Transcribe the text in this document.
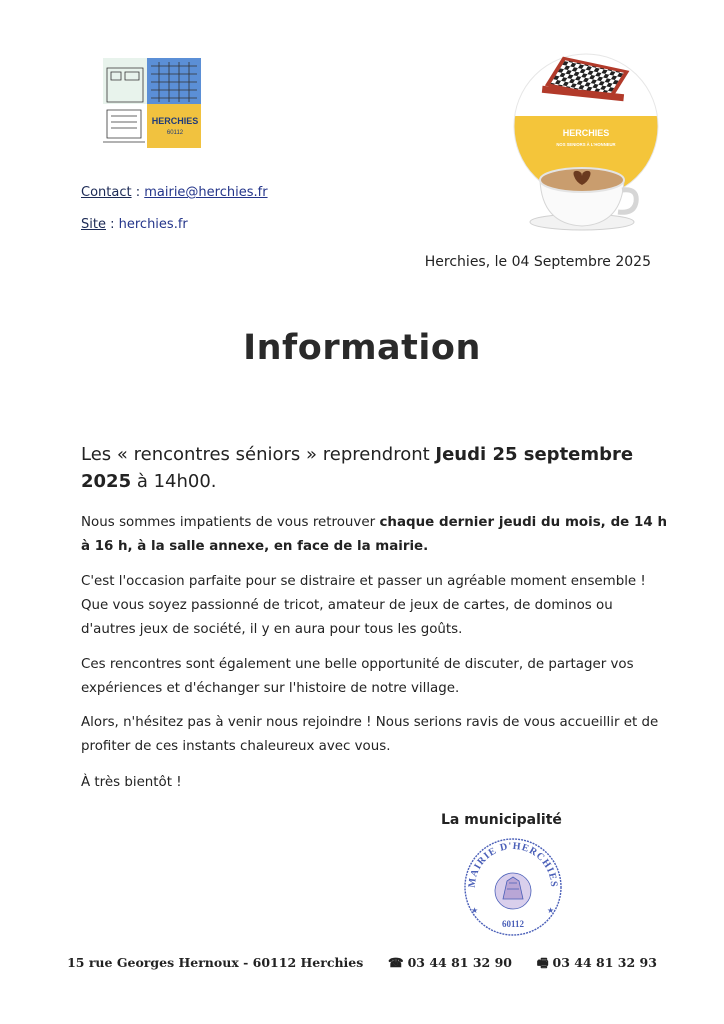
HERCHIES
60112
Contact : mairie@herchies.fr
Site : herchies.fr
HERCHIES
NOS SENIORS À L'HONNEUR
Herchies, le 04 Septembre 2025
Information

Les « rencontres séniors » reprendront Jeudi 25 septembre 2025 à 14h00.

Nous sommes impatients de vous retrouver chaque dernier jeudi du mois, de 14 h à 16 h, à la salle annexe, en face de la mairie.

C'est l'occasion parfaite pour se distraire et passer un agréable moment ensemble ! Que vous soyez passionné de tricot, amateur de jeux de cartes, de dominos ou d'autres jeux de société, il y en aura pour tous les goûts.

Ces rencontres sont également une belle opportunité de discuter, de partager vos expériences et d'échanger sur l'histoire de notre village.

Alors, n'hésitez pas à venir nous rejoindre ! Nous serions ravis de vous accueillir et de profiter de ces instants chaleureux avec vous.

À très bientôt !

La municipalité
MAIRIE D'HERCHIES
60112
★	★
15 rue Georges Hernoux - 60112 Herchies ☎ 03 44 81 32 90 🖷 03 44 81 32 93
